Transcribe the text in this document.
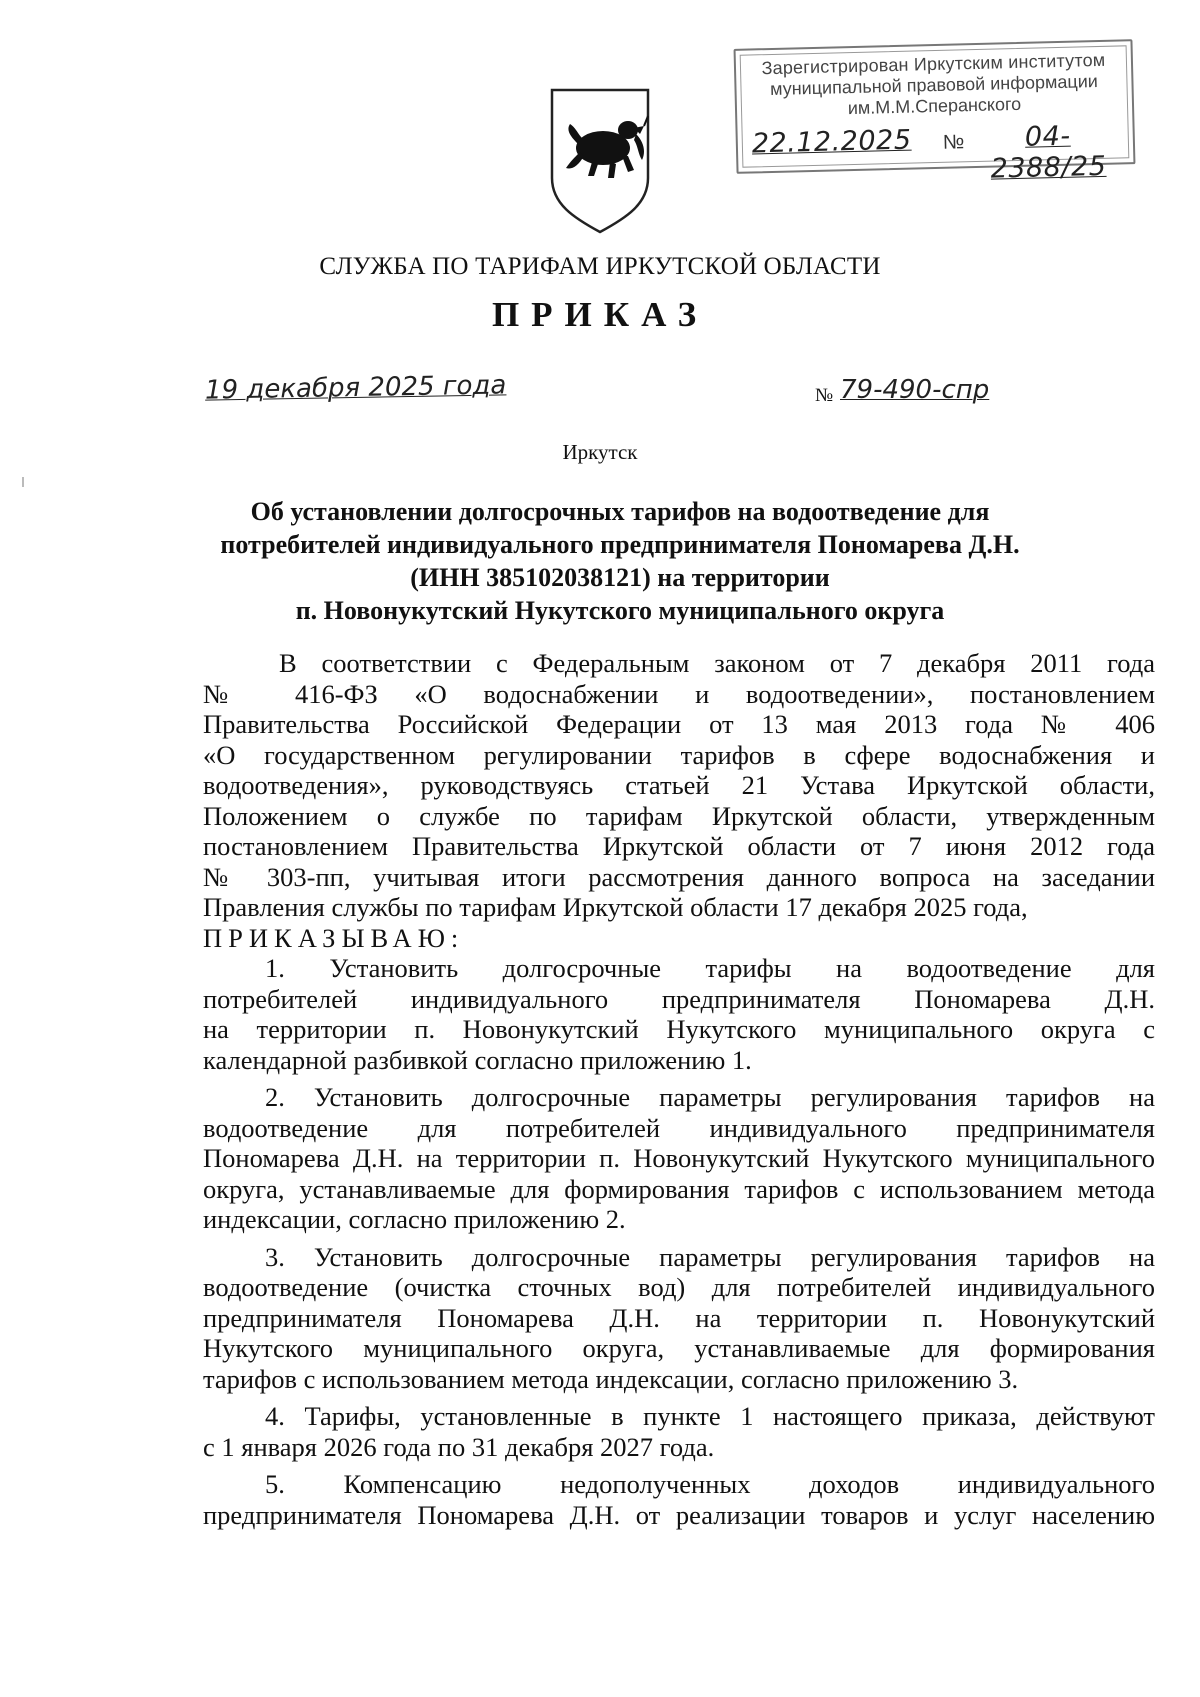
Зарегистрирован Иркутским институтом
муниципальной правовой информации
им.М.М.Сперанского
22.12.2025 №	04-2388/25
СЛУЖБА ПО ТАРИФАМ ИРКУТСКОЙ ОБЛАСТИ
ПРИКАЗ
19 декабря 2025 года	№ 79-490-спр
Иркутск
Об установлении долгосрочных тарифов на водоотведение для
потребителей индивидуального предпринимателя Пономарева Д.Н.
(ИНН 385102038121) на территории
п. Новонукутский Нукутского муниципального округа
В соответствии с Федеральным законом от 7 декабря 2011 года
№ 416-ФЗ «О водоснабжении и водоотведении», постановлением
Правительства Российской Федерации от 13 мая 2013 года № 406
«О государственном регулировании тарифов в сфере водоснабжения и
водоотведения», руководствуясь статьей 21 Устава Иркутской области,
Положением о службе по тарифам Иркутской области, утвержденным
постановлением Правительства Иркутской области от 7 июня 2012 года
№ 303-пп, учитывая итоги рассмотрения данного вопроса на заседании
Правления службы по тарифам Иркутской области 17 декабря 2025 года,
ПРИКАЗЫВАЮ:
1. Установить долгосрочные тарифы на водоотведение для
потребителей индивидуального предпринимателя Пономарева Д.Н.
на территории п. Новонукутский Нукутского муниципального округа с
календарной разбивкой согласно приложению 1.
2. Установить долгосрочные параметры регулирования тарифов на
водоотведение для потребителей индивидуального предпринимателя
Пономарева Д.Н. на территории п. Новонукутский Нукутского муниципального
округа, устанавливаемые для формирования тарифов с использованием метода
индексации, согласно приложению 2.
3. Установить долгосрочные параметры регулирования тарифов на
водоотведение (очистка сточных вод) для потребителей индивидуального
предпринимателя Пономарева Д.Н. на территории п. Новонукутский
Нукутского муниципального округа, устанавливаемые для формирования
тарифов с использованием метода индексации, согласно приложению 3.
4. Тарифы, установленные в пункте 1 настоящего приказа, действуют
с 1 января 2026 года по 31 декабря 2027 года.
5. Компенсацию недополученных доходов индивидуального
предпринимателя Пономарева Д.Н. от реализации товаров и услуг населению
